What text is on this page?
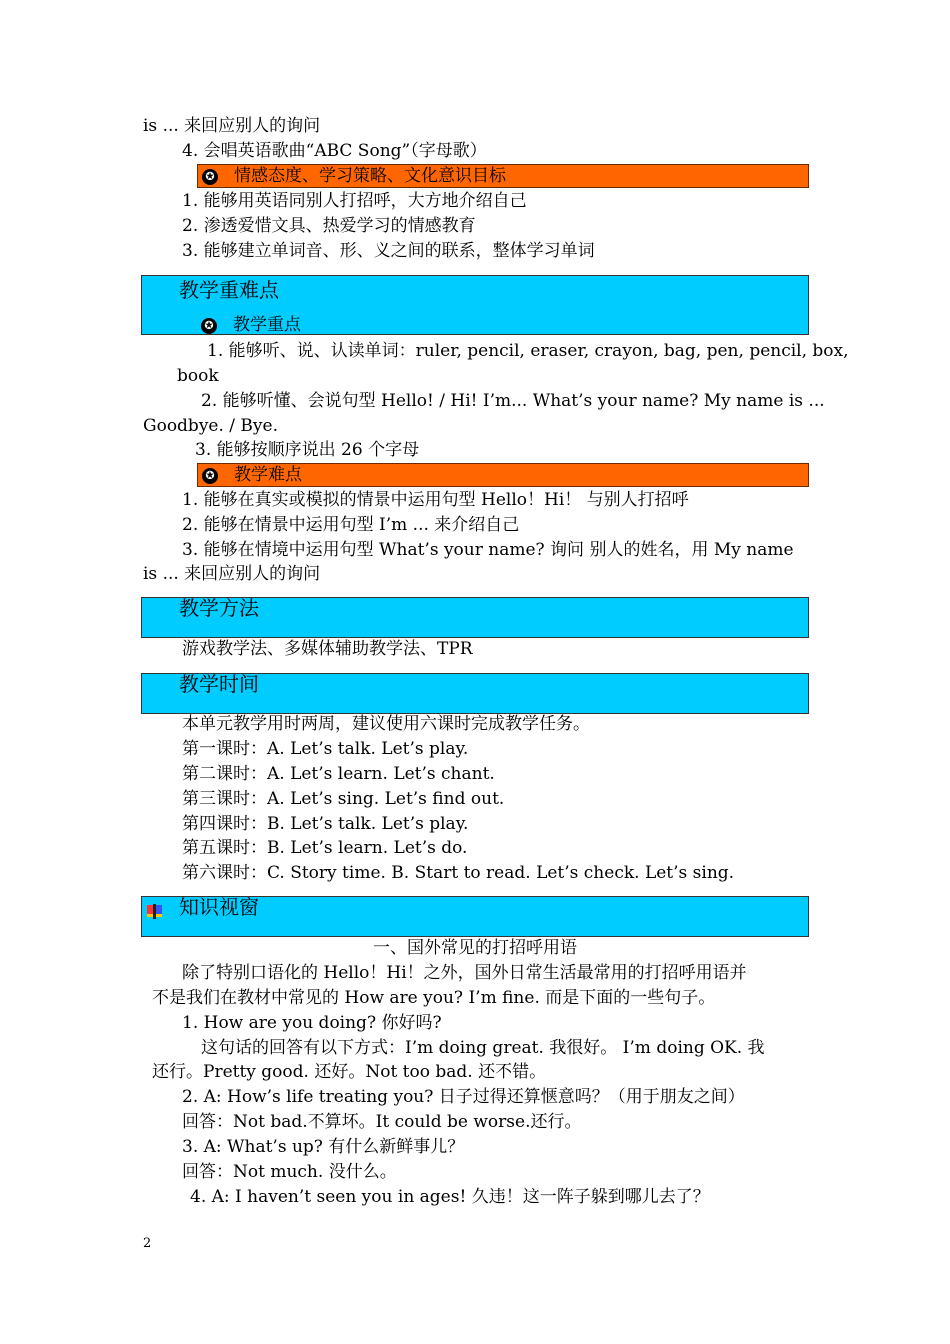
is ... 来回应别人的询问
4. 会唱英语歌曲“ABC Song”（字母歌）
✪ 情感态度、学习策略、文化意识目标
1. 能够用英语同别人打招呼，大方地介绍自己
2. 渗透爱惜文具、热爱学习的情感教育
3. 能够建立单词音、形、义之间的联系，整体学习单词
教学重难点
✪ 教学重点
1. 能够听、说、认读单词：ruler, pencil, eraser, crayon, bag, pen, pencil, box,
book
2. 能够听懂、会说句型 Hello! / Hi! I’m... What’s your name? My name is ...
Goodbye. / Bye.
3. 能够按顺序说出 26 个字母
✪ 教学难点
1. 能够在真实或模拟的情景中运用句型 Hello！Hi！ 与别人打招呼
2. 能够在情景中运用句型 I’m ... 来介绍自己
3. 能够在情境中运用句型 What’s your name? 询问 别人的姓名，用 My name
is ... 来回应别人的询问
教学方法
游戏教学法、多媒体辅助教学法、TPR
教学时间
本单元教学用时两周，建议使用六课时完成教学任务。
第一课时：A. Let’s talk. Let’s play.
第二课时：A. Let’s learn. Let’s chant.
第三课时：A. Let’s sing. Let’s find out.
第四课时：B. Let’s talk. Let’s play.
第五课时：B. Let’s learn. Let’s do.
第六课时：C. Story time. B. Start to read. Let’s check. Let’s sing.
知识视窗
一、国外常见的打招呼用语
除了特别口语化的 Hello！Hi！之外，国外日常生活最常用的打招呼用语并
不是我们在教材中常见的 How are you? I’m fine. 而是下面的一些句子。
1. How are you doing? 你好吗?
这句话的回答有以下方式：I’m doing great. 我很好。 I’m doing OK. 我
还行。Pretty good. 还好。Not too bad. 还不错。
2. A: How’s life treating you? 日子过得还算惬意吗？（用于朋友之间）
回答：Not bad.不算坏。It could be worse.还行。
3. A: What’s up? 有什么新鲜事儿？
回答：Not much. 没什么。
4. A: I haven’t seen you in ages! 久违！这一阵子躲到哪儿去了？
2
